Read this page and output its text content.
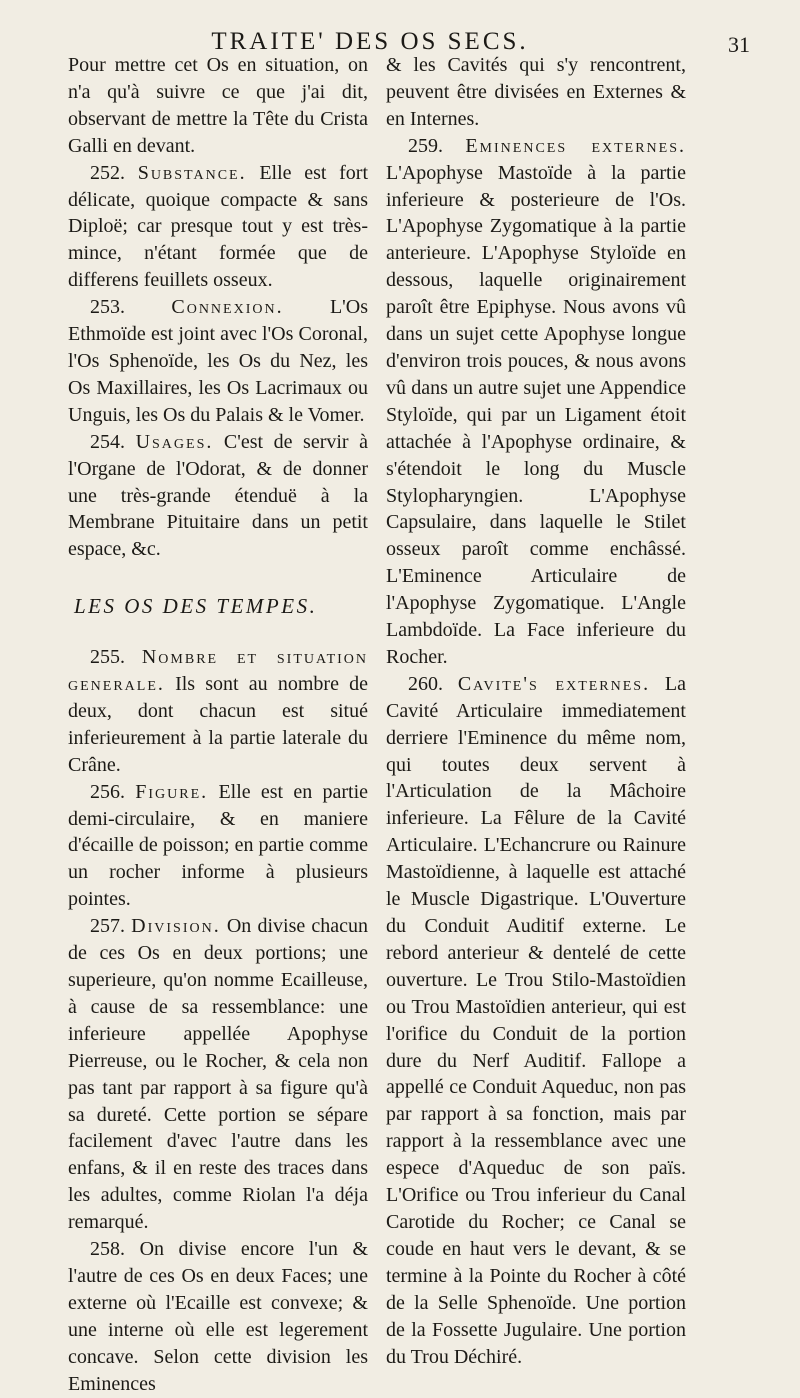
TRAITE' DES OS SECS.	31

Pour mettre cet Os en situation, on n'a qu'à suivre ce que j'ai dit, observant de mettre la Tête du Crista Galli en devant.

252. Substance. Elle est fort délicate, quoique compacte & sans Diploë; car presque tout y est très-mince, n'étant formée que de differens feuillets osseux.

253. Connexion. L'Os Ethmoïde est joint avec l'Os Coronal, l'Os Sphenoïde, les Os du Nez, les Os Maxillaires, les Os Lacrimaux ou Unguis, les Os du Palais & le Vomer.

254. Usages. C'est de servir à l'Organe de l'Odorat, & de donner une très-grande étenduë à la Membrane Pituitaire dans un petit espace, &c.

LES OS DES TEMPES.

255. Nombre et situation generale. Ils sont au nombre de deux, dont chacun est situé inferieurement à la partie laterale du Crâne.

256. Figure. Elle est en partie demi-circulaire, & en maniere d'écaille de poisson; en partie comme un rocher informe à plusieurs pointes.

257. Division. On divise chacun de ces Os en deux portions; une superieure, qu'on nomme Ecailleuse, à cause de sa ressemblance: une inferieure appellée Apophyse Pierreuse, ou le Rocher, & cela non pas tant par rapport à sa figure qu'à sa dureté. Cette portion se sépare facilement d'avec l'autre dans les enfans, & il en reste des traces dans les adultes, comme Riolan l'a déja remarqué.

258. On divise encore l'un & l'autre de ces Os en deux Faces; une externe où l'Ecaille est convexe; & une interne où elle est legerement concave. Selon cette division les Eminences

& les Cavités qui s'y rencontrent, peuvent être divisées en Externes & en Internes.

259. Eminences externes. L'Apophyse Mastoïde à la partie inferieure & posterieure de l'Os. L'Apophyse Zygomatique à la partie anterieure. L'Apophyse Styloïde en dessous, laquelle originairement paroît être Epiphyse. Nous avons vû dans un sujet cette Apophyse longue d'environ trois pouces, & nous avons vû dans un autre sujet une Appendice Styloïde, qui par un Ligament étoit attachée à l'Apophyse ordinaire, & s'étendoit le long du Muscle Stylopharyngien. L'Apophyse Capsulaire, dans laquelle le Stilet osseux paroît comme enchâssé. L'Eminence Articulaire de l'Apophyse Zygomatique. L'Angle Lambdoïde. La Face inferieure du Rocher.

260. Cavite's externes. La Cavité Articulaire immediatement derriere l'Eminence du même nom, qui toutes deux servent à l'Articulation de la Mâchoire inferieure. La Fêlure de la Cavité Articulaire. L'Echancrure ou Rainure Mastoïdienne, à laquelle est attaché le Muscle Digastrique. L'Ouverture du Conduit Auditif externe. Le rebord anterieur & dentelé de cette ouverture. Le Trou Stilo-Mastoïdien ou Trou Mastoïdien anterieur, qui est l'orifice du Conduit de la portion dure du Nerf Auditif. Fallope a appellé ce Conduit Aqueduc, non pas par rapport à sa fonction, mais par rapport à la ressemblance avec une espece d'Aqueduc de son païs. L'Orifice ou Trou inferieur du Canal Carotide du Rocher; ce Canal se coude en haut vers le devant, & se termine à la Pointe du Rocher à côté de la Selle Sphenoïde. Une portion de la Fossette Jugulaire. Une portion du Trou Déchiré.
